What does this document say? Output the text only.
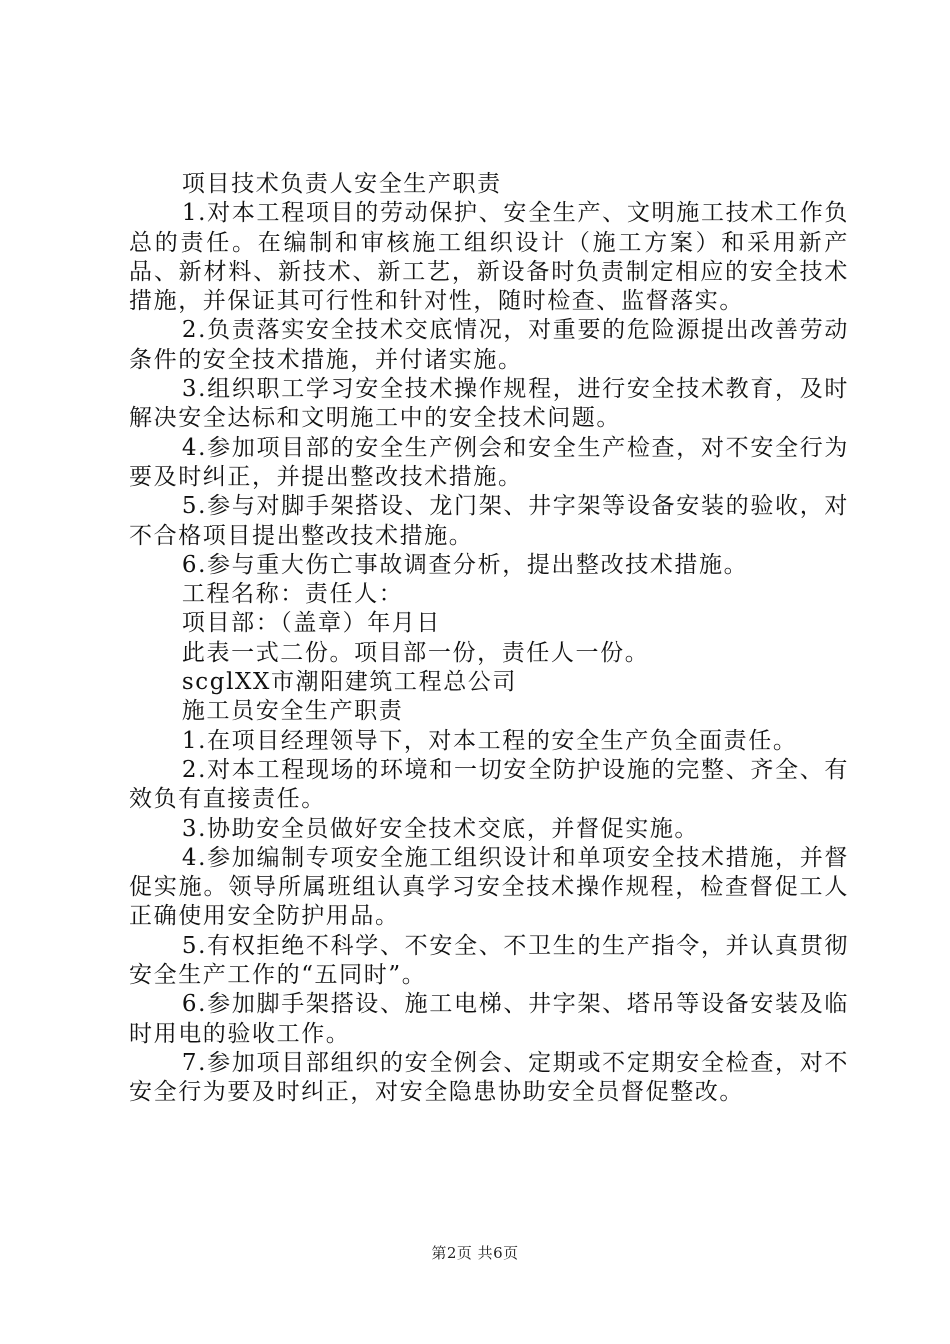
项目技术负责人安全生产职责

1.对本工程项目的劳动保护、安全生产、文明施工技术工作负总的责任。在编制和审核施工组织设计（施工方案）和采用新产品、新材料、新技术、新工艺，新设备时负责制定相应的安全技术措施，并保证其可行性和针对性，随时检查、监督落实。

2.负责落实安全技术交底情况，对重要的危险源提出改善劳动条件的安全技术措施，并付诸实施。

3.组织职工学习安全技术操作规程，进行安全技术教育，及时解决安全达标和文明施工中的安全技术问题。

4.参加项目部的安全生产例会和安全生产检查，对不安全行为要及时纠正，并提出整改技术措施。

5.参与对脚手架搭设、龙门架、井字架等设备安装的验收，对不合格项目提出整改技术措施。

6.参与重大伤亡事故调查分析，提出整改技术措施。

工程名称：责任人：

项目部：（盖章）年月日

此表一式二份。项目部一份，责任人一份。

scglXX市潮阳建筑工程总公司

施工员安全生产职责

1.在项目经理领导下，对本工程的安全生产负全面责任。

2.对本工程现场的环境和一切安全防护设施的完整、齐全、有效负有直接责任。

3.协助安全员做好安全技术交底，并督促实施。

4.参加编制专项安全施工组织设计和单项安全技术措施，并督促实施。领导所属班组认真学习安全技术操作规程，检查督促工人正确使用安全防护用品。

5.有权拒绝不科学、不安全、不卫生的生产指令，并认真贯彻安全生产工作的“五同时”。

6.参加脚手架搭设、施工电梯、井字架、塔吊等设备安装及临时用电的验收工作。

7.参加项目部组织的安全例会、定期或不定期安全检查，对不安全行为要及时纠正，对安全隐患协助安全员督促整改。

第2页 共6页
